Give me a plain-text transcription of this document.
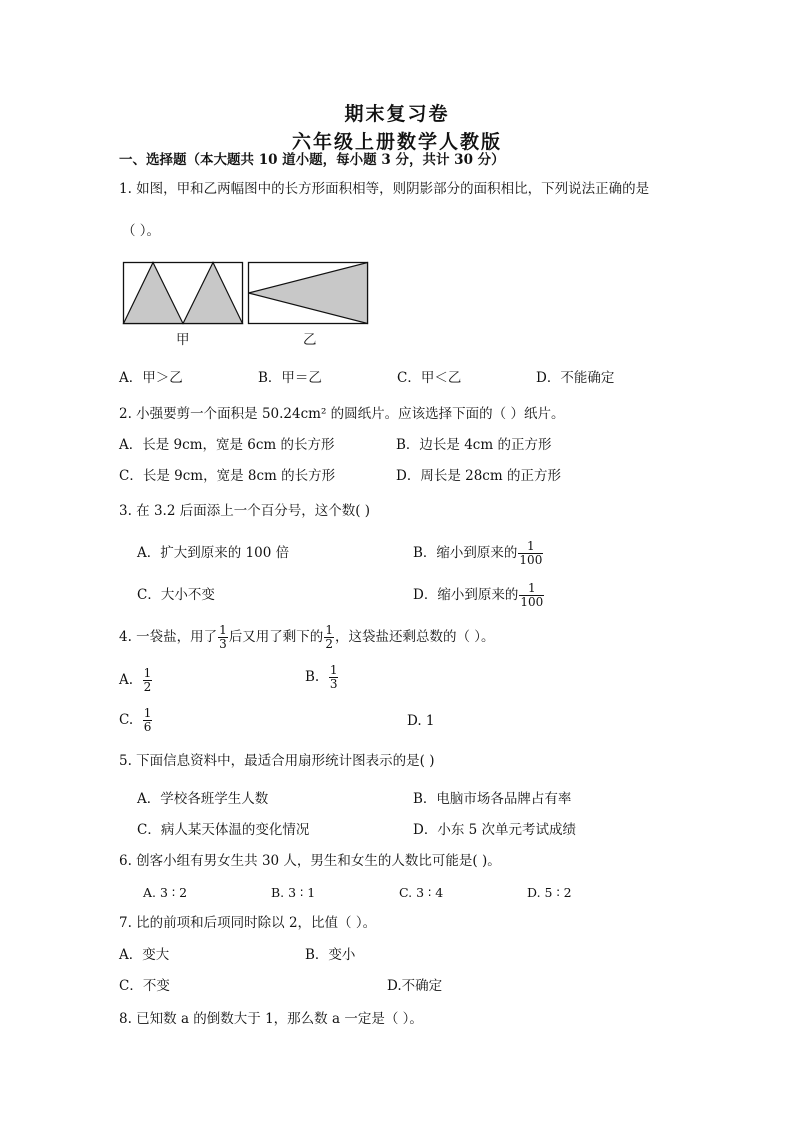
期末复习卷
六年级上册数学人教版
一、选择题（本大题共 10 道小题，每小题 3 分，共计 30 分）
1. 如图，甲和乙两幅图中的长方形面积相等，则阴影部分的面积相比，下列说法正确的是
（ ）。
甲	乙
A．甲＞乙	B．甲＝乙	C．甲＜乙	D．不能确定
2. 小强要剪一个面积是 50.24cm² 的圆纸片。应该选择下面的（ ）纸片。
A．长是 9cm，宽是 6cm 的长方形	B．边长是 4cm 的正方形
C．长是 9cm，宽是 8cm 的长方形	D．周长是 28cm 的正方形
3. 在 3.2 后面添上一个百分号，这个数( )
A．扩大到原来的 100 倍	B．缩小到原来的 $\frac{1}{100}$
C．大小不变	D．缩小到原来的 $\frac{1}{100}$
4. 一袋盐，用了 $\frac{1}{3}$ 后又用了剩下的 $\frac{1}{2}$ ，这袋盐还剩总数的（ ）。
A. $\frac{1}{2}$	B. $\frac{1}{3}$
C. $\frac{1}{6}$	D. 1
5. 下面信息资料中，最适合用扇形统计图表示的是( )
A．学校各班学生人数	B．电脑市场各品牌占有率
C．病人某天体温的变化情况	D．小东 5 次单元考试成绩
6. 创客小组有男女生共 30 人，男生和女生的人数比可能是( )。
A. 3 ∶ 2	B. 3 ∶ 1	C. 3 ∶ 4	D. 5 ∶ 2
7. 比的前项和后项同时除以 2，比值（ ）。
A．变大	B．变小
C．不变	D.不确定
8. 已知数 a 的倒数大于 1，那么数 a 一定是（ ）。
